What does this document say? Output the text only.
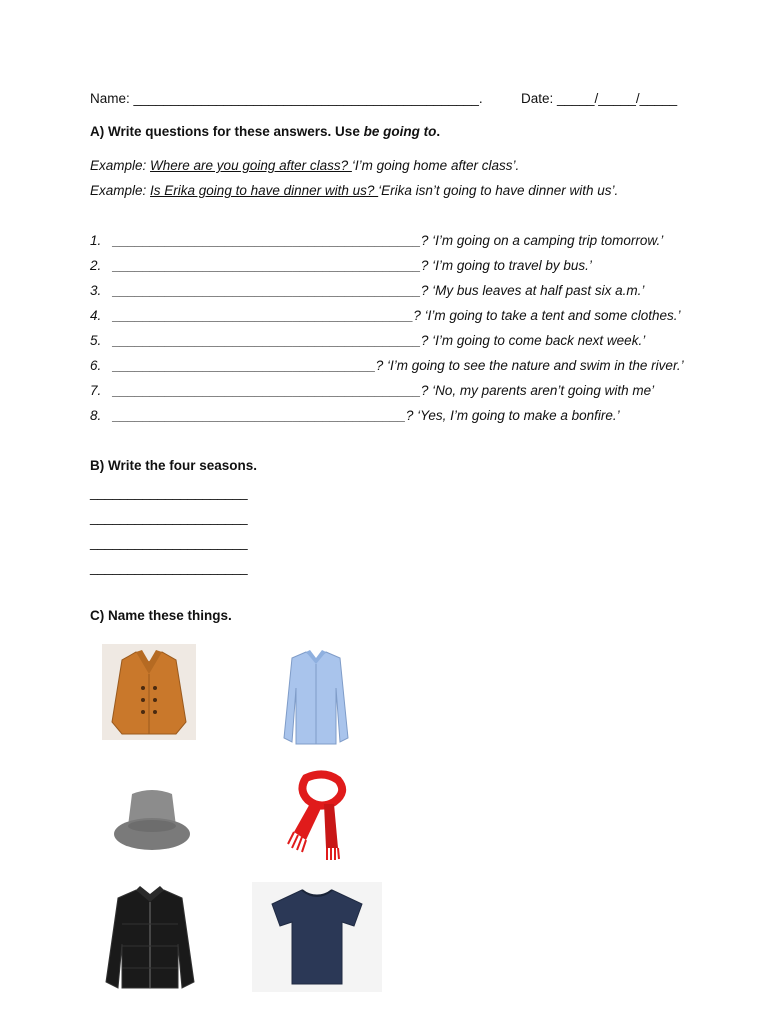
Name: ______________________________________________.	Date: _____/_____/_____
A) Write questions for these answers. Use be going to.
Example: Where are you going after class? ‘I’m going home after class’.
Example: Is Erika going to have dinner with us? ‘Erika isn’t going to have dinner with us’.
1. _________________________________________? ‘I’m going on a camping trip tomorrow.’
2. _________________________________________? ‘I’m going to travel by bus.’
3. _________________________________________? ‘My bus leaves at half past six a.m.’
4. ________________________________________? ‘I’m going to take a tent and some clothes.’
5. _________________________________________? ‘I’m going to come back next week.’
6. ___________________________________? ‘I’m going to see the nature and swim in the river.’
7. _________________________________________? ‘No, my parents aren’t going with me’
8. _______________________________________? ‘Yes, I’m going to make a bonfire.’
B) Write the four seasons.
_____________________
_____________________
_____________________
_____________________
C) Name these things.
